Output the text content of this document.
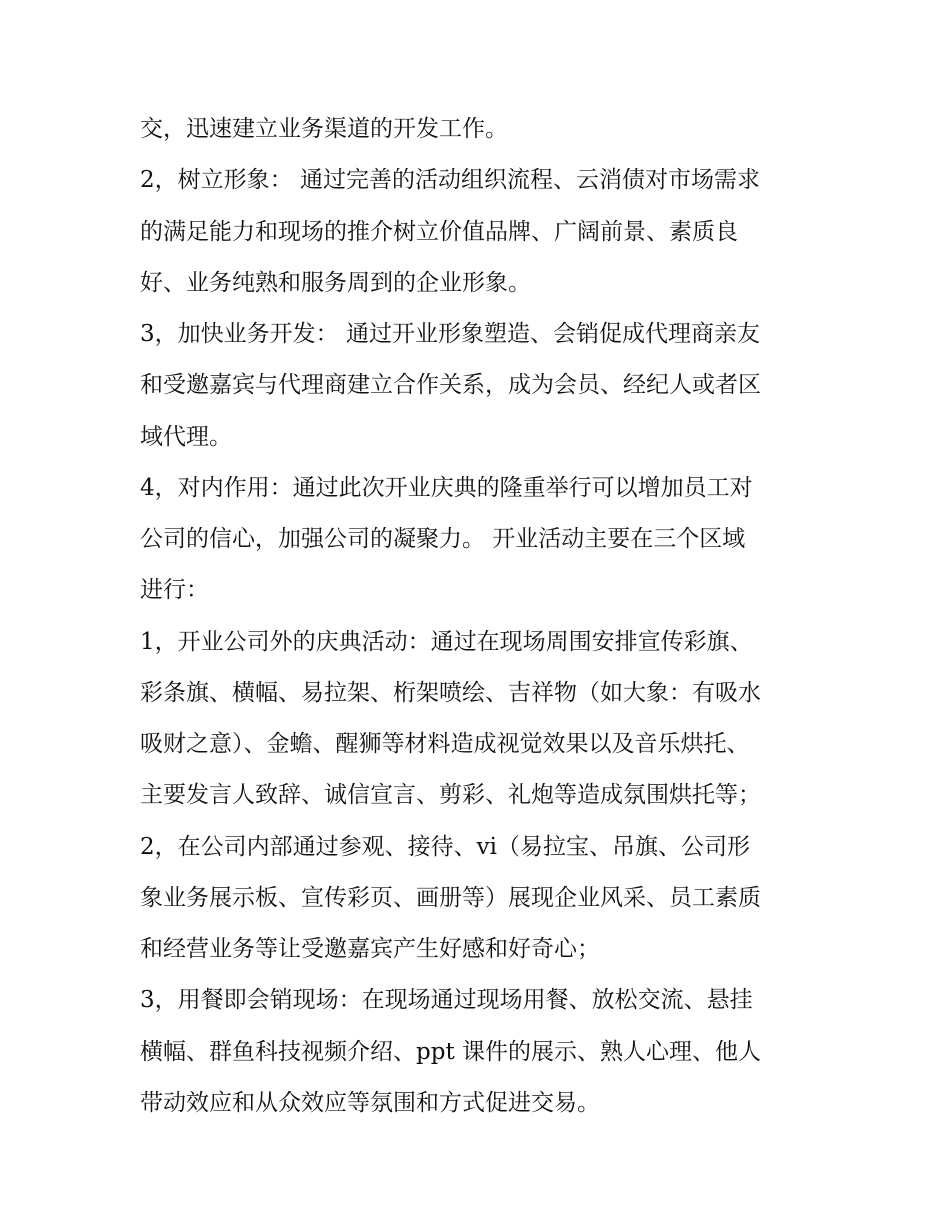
交，迅速建立业务渠道的开发工作。
2，树立形象： 通过完善的活动组织流程、云消债对市场需求
的满足能力和现场的推介树立价值品牌、广阔前景、素质良
好、业务纯熟和服务周到的企业形象。
3，加快业务开发： 通过开业形象塑造、会销促成代理商亲友
和受邀嘉宾与代理商建立合作关系，成为会员、经纪人或者区
域代理。
4，对内作用：通过此次开业庆典的隆重举行可以增加员工对
公司的信心，加强公司的凝聚力。 开业活动主要在三个区域
进行：
1，开业公司外的庆典活动：通过在现场周围安排宣传彩旗、
彩条旗、横幅、易拉架、桁架喷绘、吉祥物（如大象：有吸水
吸财之意）、金蟾、醒狮等材料造成视觉效果以及音乐烘托、
主要发言人致辞、诚信宣言、剪彩、礼炮等造成氛围烘托等；
2，在公司内部通过参观、接待、vi（易拉宝、吊旗、公司形
象业务展示板、宣传彩页、画册等）展现企业风采、员工素质
和经营业务等让受邀嘉宾产生好感和好奇心；
3，用餐即会销现场：在现场通过现场用餐、放松交流、悬挂
横幅、群鱼科技视频介绍、ppt 课件的展示、熟人心理、他人
带动效应和从众效应等氛围和方式促进交易。
